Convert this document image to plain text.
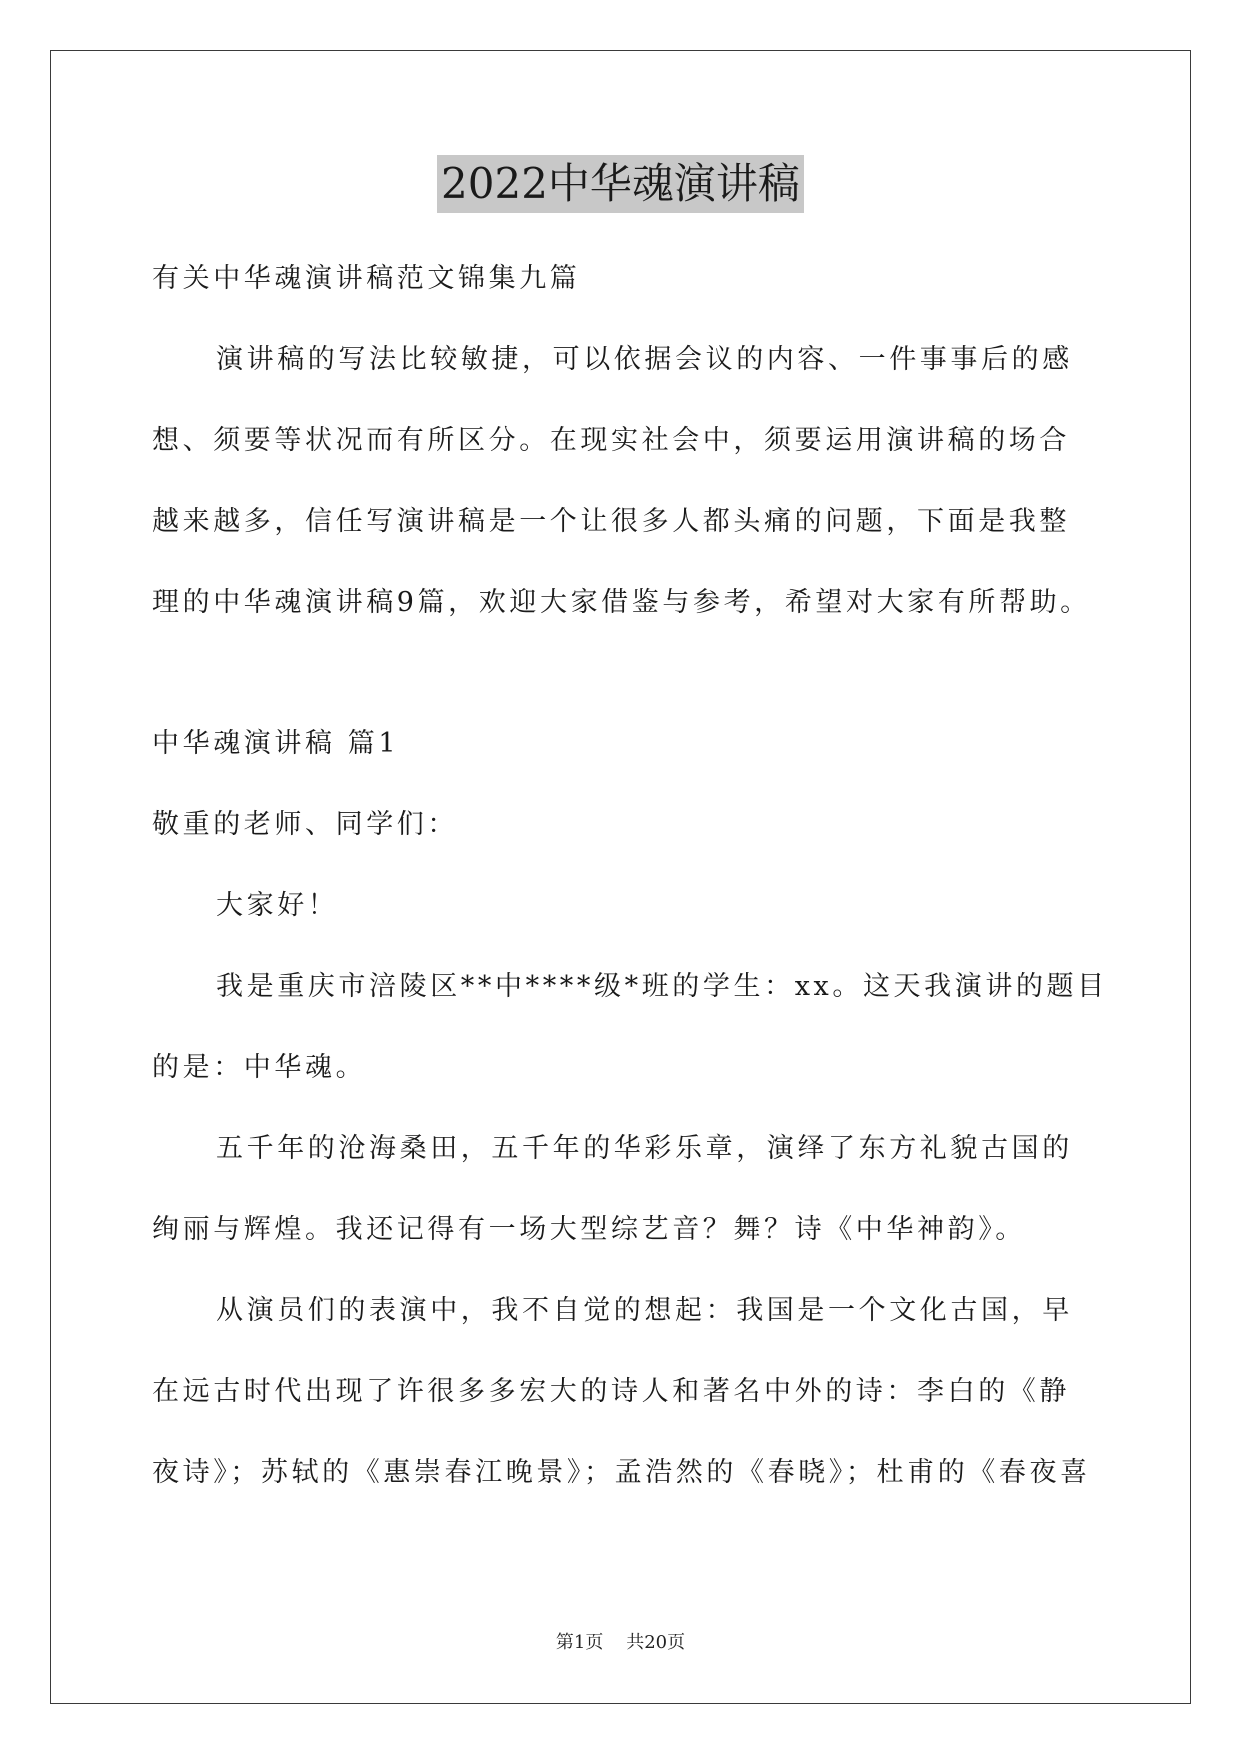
2022中华魂演讲稿
有关中华魂演讲稿范文锦集九篇
演讲稿的写法比较敏捷，可以依据会议的内容、一件事事后的感
想、须要等状况而有所区分。在现实社会中，须要运用演讲稿的场合
越来越多，信任写演讲稿是一个让很多人都头痛的问题，下面是我整
理的中华魂演讲稿9篇，欢迎大家借鉴与参考，希望对大家有所帮助。
中华魂演讲稿 篇1
敬重的老师、同学们：
大家好！
我是重庆市涪陵区**中****级*班的学生：xx。这天我演讲的题目
的是：中华魂。
五千年的沧海桑田，五千年的华彩乐章，演绎了东方礼貌古国的
绚丽与辉煌。我还记得有一场大型综艺音？舞？诗《中华神韵》。
从演员们的表演中，我不自觉的想起：我国是一个文化古国，早
在远古时代出现了许很多多宏大的诗人和著名中外的诗：李白的《静
夜诗》；苏轼的《惠崇春江晚景》；孟浩然的《春晓》；杜甫的《春夜喜
第1页    共20页
